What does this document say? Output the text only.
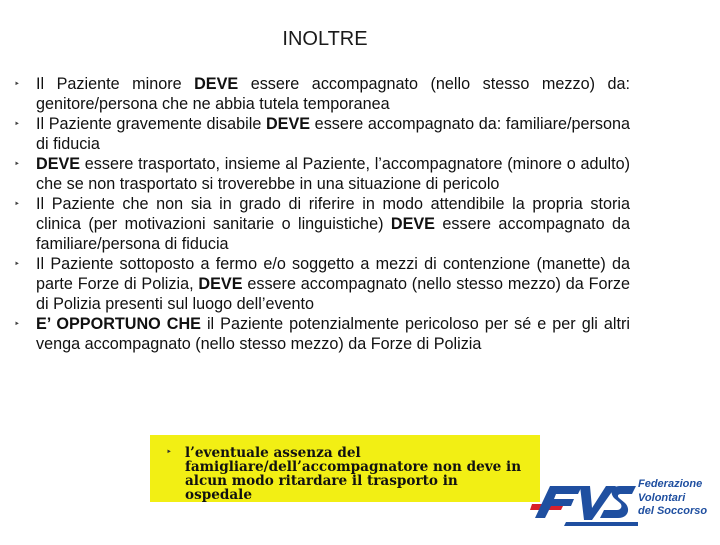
INOLTRE
‣ Il Paziente minore DEVE essere accompagnato (nello stesso mezzo) da: genitore/persona che ne abbia tutela temporanea
‣ Il Paziente gravemente disabile DEVE essere accompagnato da: familiare/persona di fiducia
‣ DEVE essere trasportato, insieme al Paziente, l’accompagnatore (minore o adulto) che se non trasportato si troverebbe in una situazione di pericolo
‣ Il Paziente che non sia in grado di riferire in modo attendibile la propria storia clinica (per motivazioni sanitarie o linguistiche) DEVE essere accompagnato da familiare/persona di fiducia
‣ Il Paziente sottoposto a fermo e/o soggetto a mezzi di contenzione (manette) da parte Forze di Polizia, DEVE essere accompagnato (nello stesso mezzo) da Forze di Polizia presenti sul luogo dell’evento
‣ E’ OPPORTUNO CHE il Paziente potenzialmente pericoloso per sé e per gli altri venga accompagnato (nello stesso mezzo) da Forze di Polizia
‣ l’eventuale assenza del
famigliare/dell’accompagnatore non deve in
alcun modo ritardare il trasporto in ospedale
Federazione
Volontari
del Soccorso
